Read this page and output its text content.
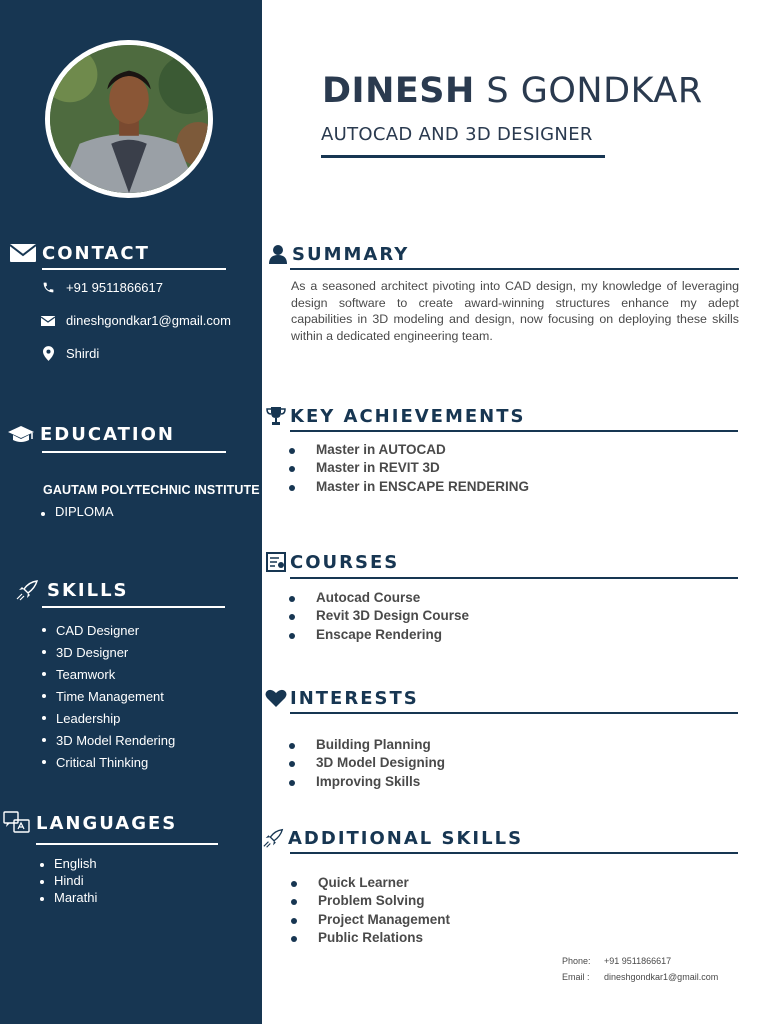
CONTACT
+91 9511866617
dineshgondkar1@gmail.com
Shirdi
EDUCATION
GAUTAM POLYTECHNIC INSTITUTE
DIPLOMA
SKILLS
CAD Designer
3D Designer
Teamwork
Time Management
Leadership
3D Model Rendering
Critical Thinking
LANGUAGES
English
Hindi
Marathi
DINESH S GONDKAR
AUTOCAD AND 3D DESIGNER
SUMMARY
As a seasoned architect pivoting into CAD design, my knowledge of leveraging design software to create award-winning structures enhance my adept capabilities in 3D modeling and design, now focusing on deploying these skills within a dedicated engineering team.
KEY ACHIEVEMENTS
Master in AUTOCAD
Master in REVIT 3D
Master in ENSCAPE RENDERING
COURSES
Autocad Course
Revit 3D Design Course
Enscape Rendering
INTERESTS
Building Planning
3D Model Designing
Improving Skills
ADDITIONAL SKILLS
Quick Learner
Problem Solving
Project Management
Public Relations
Phone: +91 9511866617
Email : dineshgondkar1@gmail.com
